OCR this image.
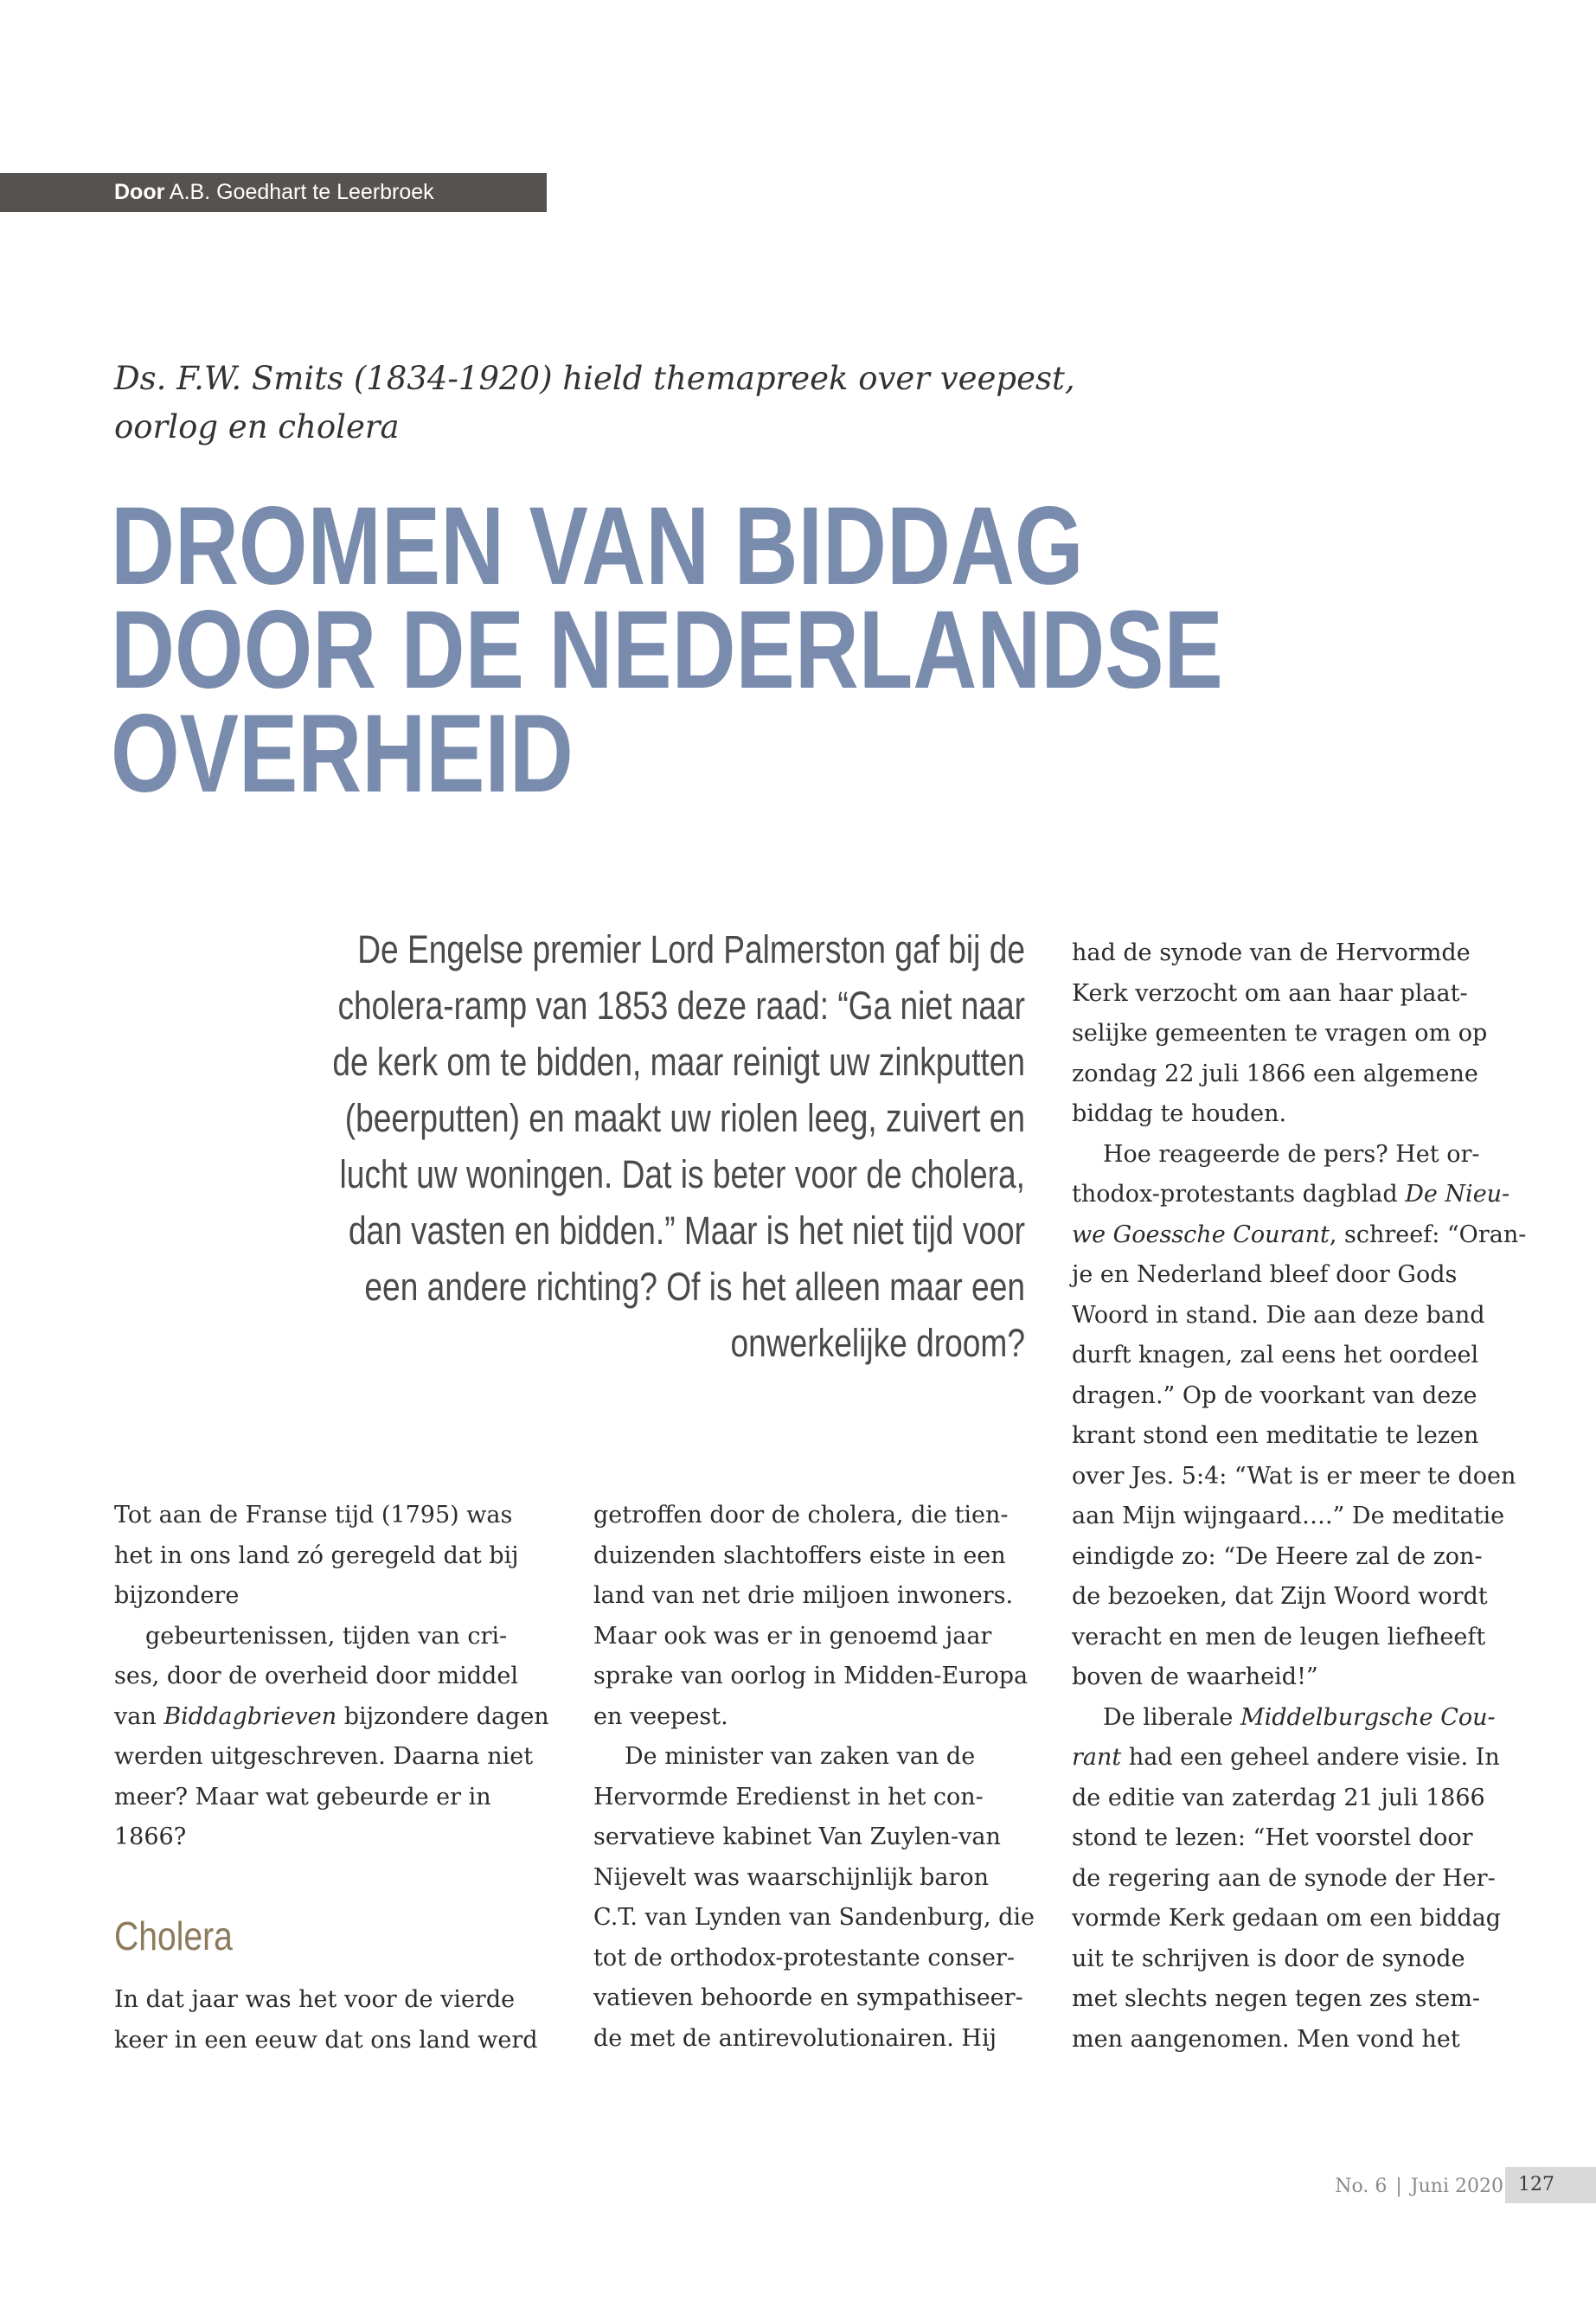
Door A.B. Goedhart te Leerbroek
Ds. F.W. Smits (1834-1920) hield themapreek over veepest,
oorlog en cholera
DROMEN VAN BIDDAG
DOOR DE NEDERLANDSE
OVERHEID
De Engelse premier Lord Palmerston gaf bij de
cholera-ramp van 1853 deze raad: “Ga niet naar
de kerk om te bidden, maar reinigt uw zinkputten
(beerputten) en maakt uw riolen leeg, zuivert en
lucht uw woningen. Dat is beter voor de cholera,
dan vasten en bidden.” Maar is het niet tijd voor
een andere richting? Of is het alleen maar een
onwerkelijke droom?
Tot aan de Franse tijd (1795) was
het in ons land zó geregeld dat bij
bijzondere
gebeurtenissen, tijden van cri-
ses, door de overheid door middel
van Biddagbrieven bijzondere dagen
werden uitgeschreven. Daarna niet
meer? Maar wat gebeurde er in
1866?
Cholera
In dat jaar was het voor de vierde
keer in een eeuw dat ons land werd
getroffen door de cholera, die tien-
duizenden slachtoffers eiste in een
land van net drie miljoen inwoners.
Maar ook was er in genoemd jaar
sprake van oorlog in Midden-Europa
en veepest.
De minister van zaken van de
Hervormde Eredienst in het con-
servatieve kabinet Van Zuylen-van
Nijevelt was waarschijnlijk baron
C.T. van Lynden van Sandenburg, die
tot de orthodox-protestante conser-
vatieven behoorde en sympathiseer-
de met de antirevolutionairen. Hij
had de synode van de Hervormde
Kerk verzocht om aan haar plaat-
selijke gemeenten te vragen om op
zondag 22 juli 1866 een algemene
biddag te houden.
Hoe reageerde de pers? Het or-
thodox-protestants dagblad De Nieu-
we Goessche Courant, schreef: “Oran-
je en Nederland bleef door Gods
Woord in stand. Die aan deze band
durft knagen, zal eens het oordeel
dragen.” Op de voorkant van deze
krant stond een meditatie te lezen
over Jes. 5:4: “Wat is er meer te doen
aan Mijn wijngaard….” De meditatie
eindigde zo: “De Heere zal de zon-
de bezoeken, dat Zijn Woord wordt
veracht en men de leugen liefheeft
boven de waarheid!”
De liberale Middelburgsche Cou-
rant had een geheel andere visie. In
de editie van zaterdag 21 juli 1866
stond te lezen: “Het voorstel door
de regering aan de synode der Her-
vormde Kerk gedaan om een biddag
uit te schrijven is door de synode
met slechts negen tegen zes stem-
men aangenomen. Men vond het
No. 6 | Juni 2020 127
